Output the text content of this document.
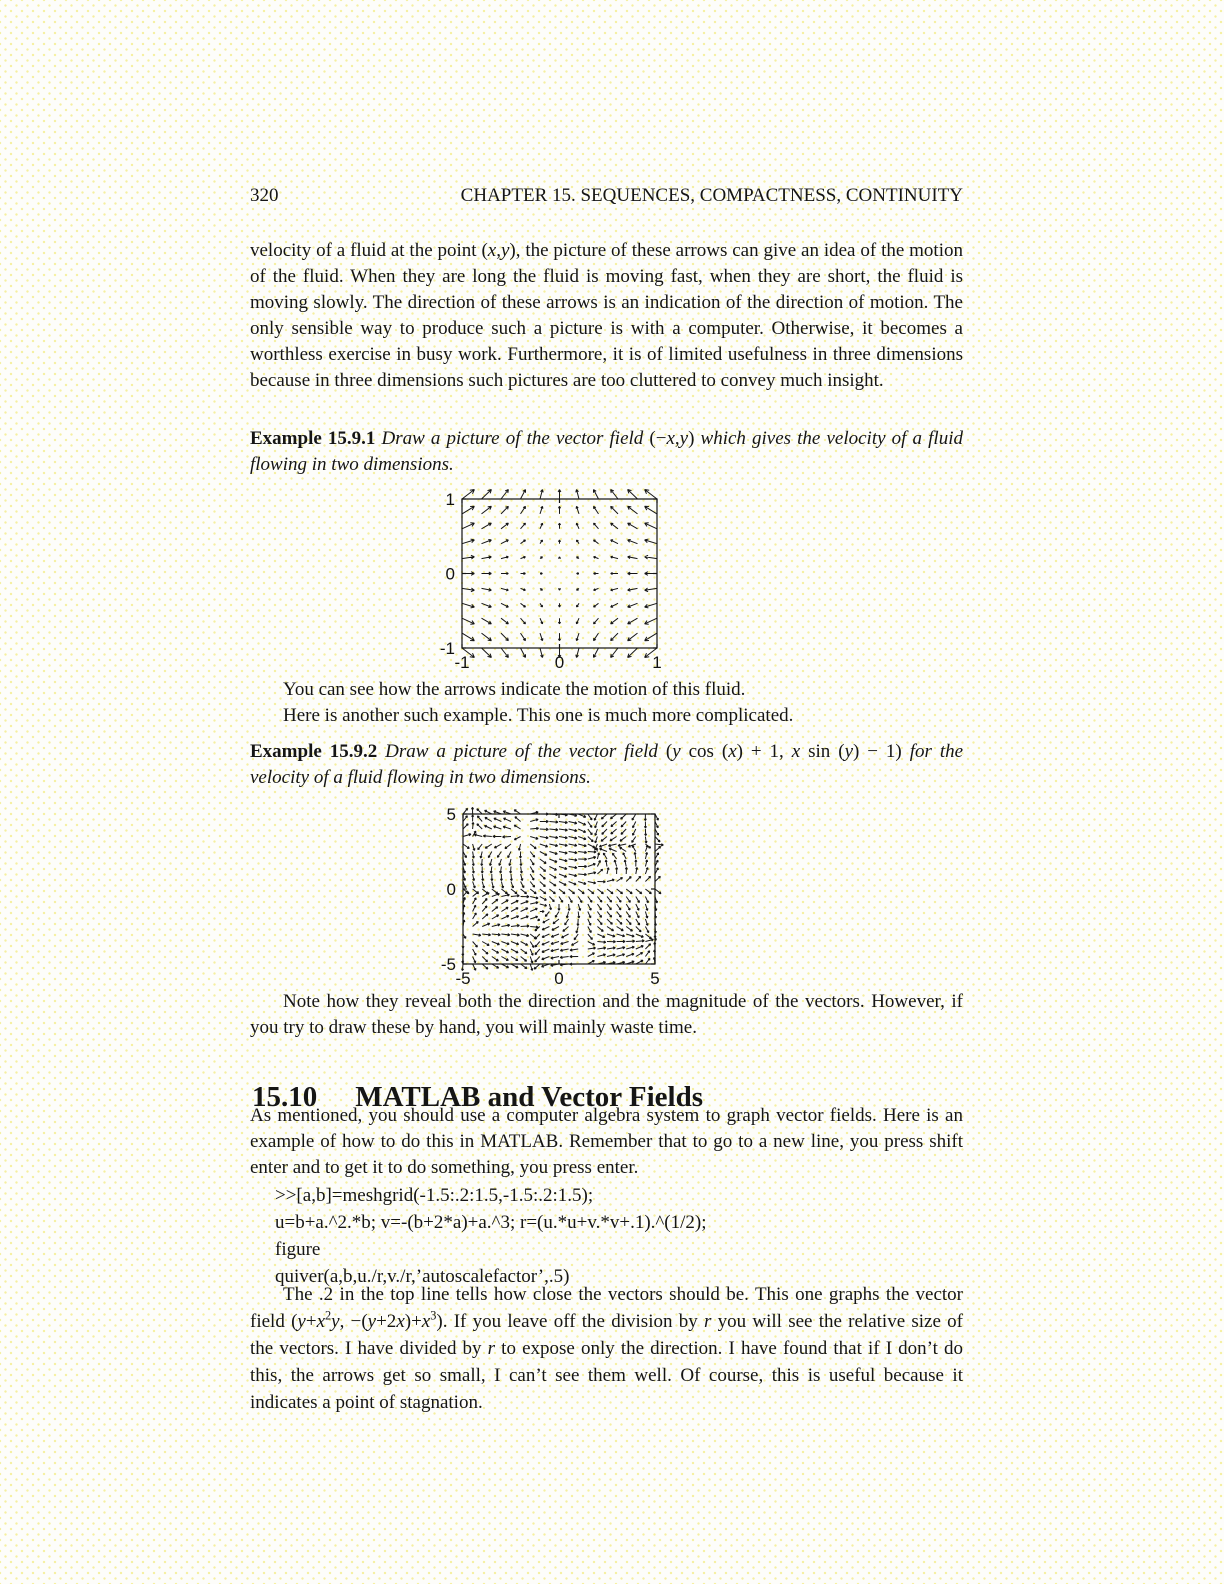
320	CHAPTER 15. SEQUENCES, COMPACTNESS, CONTINUITY

velocity of a fluid at the point (x,y), the picture of these arrows can give an idea of the motion of the fluid. When they are long the fluid is moving fast, when they are short, the fluid is moving slowly. The direction of these arrows is an indication of the direction of motion. The only sensible way to produce such a picture is with a computer. Otherwise, it becomes a worthless exercise in busy work. Furthermore, it is of limited usefulness in three dimensions because in three dimensions such pictures are too cluttered to convey much insight.

Example 15.9.1 Draw a picture of the vector field (−x,y) which gives the velocity of a fluid flowing in two dimensions.

-1	0	1
-1
0
1

You can see how the arrows indicate the motion of this fluid.

Here is another such example. This one is much more complicated.

Example 15.9.2 Draw a picture of the vector field (y cos (x) + 1, x sin (y) − 1) for the velocity of a fluid flowing in two dimensions.

-5	0	5
-5
0
5

Note how they reveal both the direction and the magnitude of the vectors. However, if you try to draw these by hand, you will mainly waste time.

15.10 MATLAB and Vector Fields

As mentioned, you should use a computer algebra system to graph vector fields. Here is an example of how to do this in MATLAB. Remember that to go to a new line, you press shift enter and to get it to do something, you press enter.

>>[a,b]=meshgrid(-1.5:.2:1.5,-1.5:.2:1.5);
u=b+a.^2.*b; v=-(b+2*a)+a.^3; r=(u.*u+v.*v+.1).^(1/2);
figure
quiver(a,b,u./r,v./r,’autoscalefactor’,.5)

The .2 in the top line tells how close the vectors should be. This one graphs the vector field ($y+x^2y$, $-(y+2x)+x^3$). If you leave off the division by r you will see the relative size of the vectors. I have divided by r to expose only the direction. I have found that if I don’t do this, the arrows get so small, I can’t see them well. Of course, this is useful because it indicates a point of stagnation.
